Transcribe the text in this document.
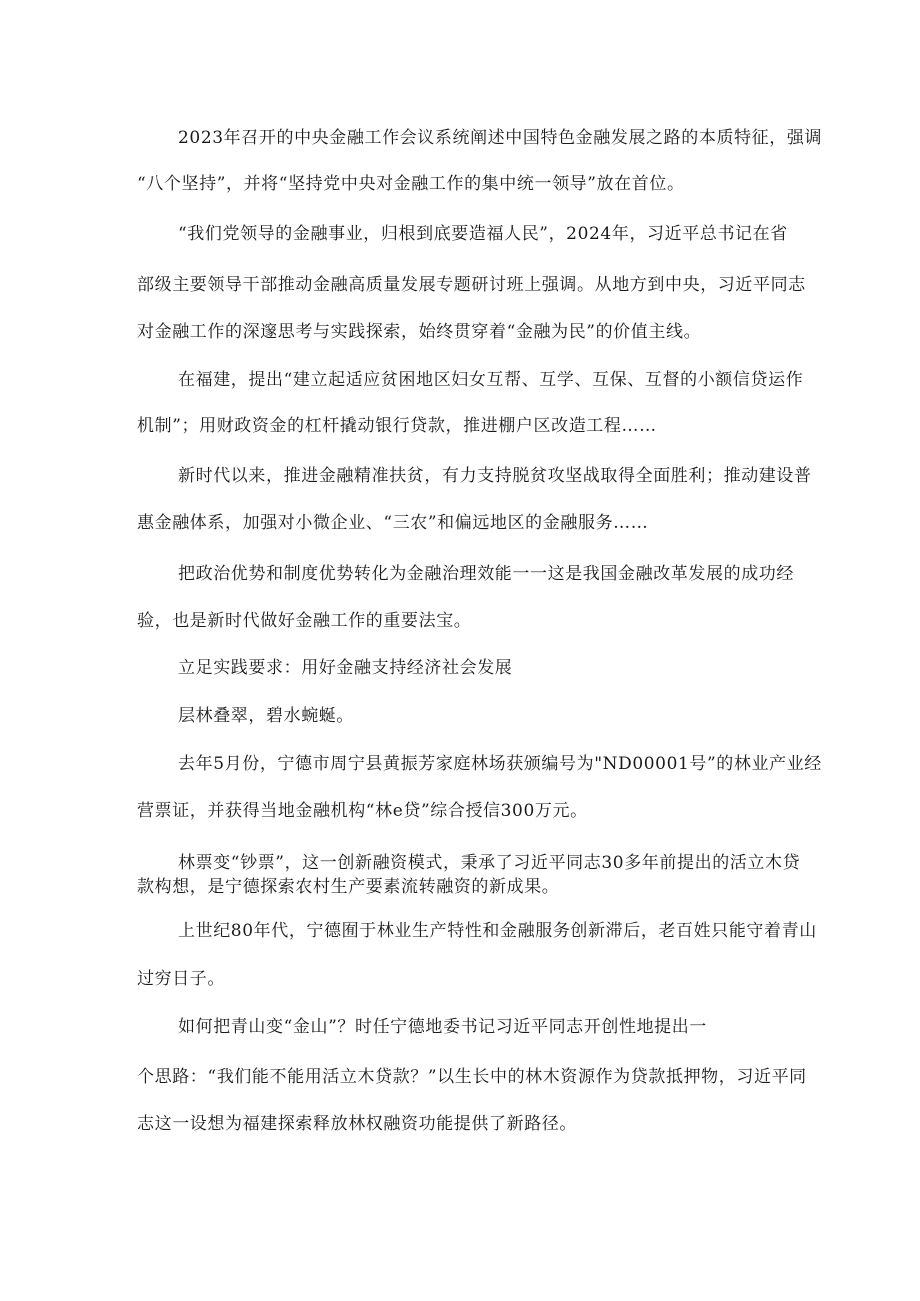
2023年召开的中央金融工作会议系统阐述中国特色金融发展之路的本质特征，强调
“八个坚持”，并将“坚持党中央对金融工作的集中统一领导”放在首位。
“我们党领导的金融事业，归根到底要造福人民”，2024年，习近平总书记在省
部级主要领导干部推动金融高质量发展专题研讨班上强调。从地方到中央，习近平同志
对金融工作的深邃思考与实践探索，始终贯穿着“金融为民”的价值主线。
在福建，提出“建立起适应贫困地区妇女互帮、互学、互保、互督的小额信贷运作
机制”；用财政资金的杠杆撬动银行贷款，推进棚户区改造工程……
新时代以来，推进金融精准扶贫，有力支持脱贫攻坚战取得全面胜利；推动建设普
惠金融体系，加强对小微企业、“三农”和偏远地区的金融服务……
把政治优势和制度优势转化为金融治理效能一一这是我国金融改革发展的成功经
验，也是新时代做好金融工作的重要法宝。
立足实践要求：用好金融支持经济社会发展
层林叠翠，碧水蜿蜒。
去年5月份，宁德市周宁县黄振芳家庭林场获颁编号为"ND00001号”的林业产业经
营票证，并获得当地金融机构“林e贷”综合授信300万元。
林票变“钞票”，这一创新融资模式，秉承了习近平同志30多年前提出的活立木贷
款构想，是宁德探索农村生产要素流转融资的新成果。
上世纪80年代，宁德囿于林业生产特性和金融服务创新滞后，老百姓只能守着青山
过穷日子。
如何把青山变“金山”？时任宁德地委书记习近平同志开创性地提出一
个思路：“我们能不能用活立木贷款？”以生长中的林木资源作为贷款抵押物，习近平同
志这一设想为福建探索释放林权融资功能提供了新路径。
